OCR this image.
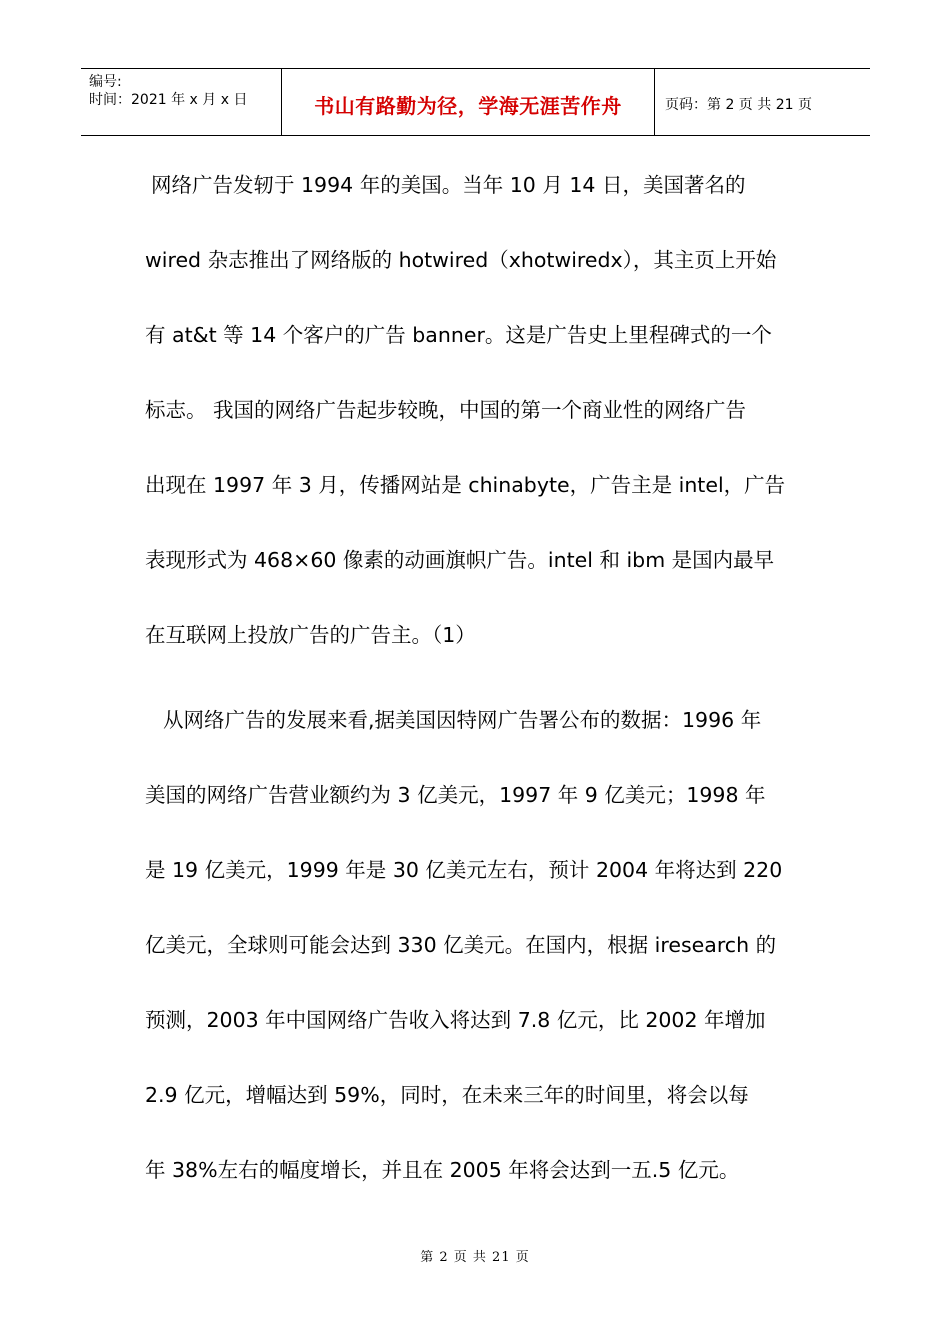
编号:
时间：2021 年 x 月 x 日	书山有路勤为径，学海无涯苦作舟	页码：第 2 页 共 21 页

网络广告发轫于 1994 年的美国。当年 10 月 14 日，美国著名的

wired 杂志推出了网络版的 hotwired（xhotwiredx），其主页上开始

有 at&t 等 14 个客户的广告 banner。这是广告史上里程碑式的一个

标志。 我国的网络广告起步较晚，中国的第一个商业性的网络广告

出现在 1997 年 3 月，传播网站是 chinabyte，广告主是 intel，广告

表现形式为 468×60 像素的动画旗帜广告。intel 和 ibm 是国内最早

在互联网上投放广告的广告主。（1）

从网络广告的发展来看,据美国因特网广告署公布的数据：1996 年

美国的网络广告营业额约为 3 亿美元，1997 年 9 亿美元；1998 年

是 19 亿美元，1999 年是 30 亿美元左右，预计 2004 年将达到 220

亿美元，全球则可能会达到 330 亿美元。在国内，根据 iresearch 的

预测，2003 年中国网络广告收入将达到 7.8 亿元，比 2002 年增加

2.9 亿元，增幅达到 59%，同时，在未来三年的时间里，将会以每

年 38%左右的幅度增长，并且在 2005 年将会达到一五.5 亿元。

第 2 页 共 21 页
